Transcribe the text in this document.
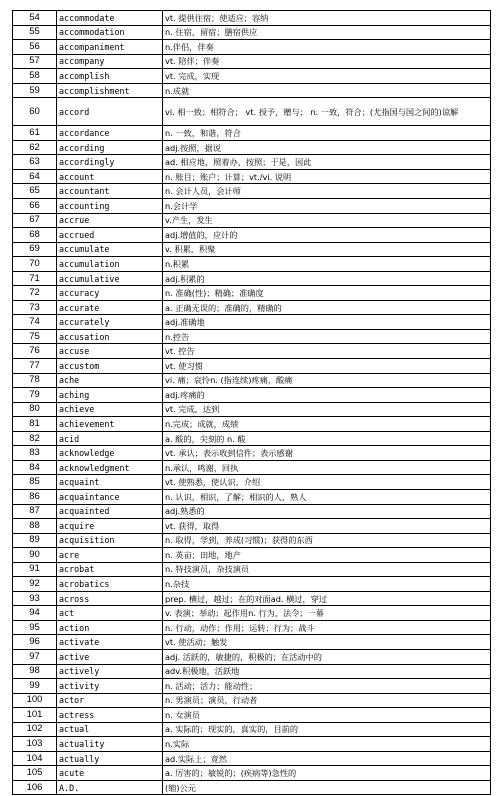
54	accommodate	vt. 提供住宿；使适应；容纳
55	accommodation	n. 住宿，留宿；膳宿供应
56	accompaniment	n.伴侣，伴奏
57	accompany	vt. 陪伴；伴奏
58	accomplish	vt. 完成，实现
59	accomplishment	n.成就
60	accord	vi. 相一致；相符合； vt. 授予，赠与； n. 一致，符合；(尤指国与国之间的)谅解
61	accordance	n. 一致，和谐，符合
62	according	adj.按照，据说
63	accordingly	ad. 相应地，照着办，按照；于是，因此
64	account	n. 账目；账户；计算；vt./vi. 说明
65	accountant	n. 会计人员，会计师
66	accounting	n.会计学
67	accrue	v.产生，发生
68	accrued	adj.增值的，应计的
69	accumulate	v. 积累，积聚
70	accumulation	n.积累
71	accumulative	adj.积累的
72	accuracy	n. 准确(性)；精确；准确度
73	accurate	a. 正确无误的；准确的，精确的
74	accurately	adj.准确地
75	accusation	n.控告
76	accuse	vt. 控告
77	accustom	vt. 使习惯
78	ache	vi. 痛；哀怜n. (指连续)疼痛，酸痛
79	aching	adj.疼痛的
80	achieve	vt. 完成，达到
81	achievement	n.完成；成就，成绩
82	acid	a. 酸的，尖刻的 n. 酸
83	acknowledge	vt. 承认；表示收到信件；表示感谢
84	acknowledgment	n.承认，鸣谢，回执
85	acquaint	vt. 使熟悉，使认识，介绍
86	acquaintance	n. 认识，相识，了解；相识的人，熟人
87	acquainted	adj.熟悉的
88	acquire	vt. 获得，取得
89	acquisition	n. 取得，学到，养成(习惯)；获得的东西
90	acre	n. 英亩；田地，地产
91	acrobat	n. 特技演员，杂技演员
92	acrobatics	n.杂技
93	across	prep. 横过，越过；在的对面ad. 横过，穿过
94	act	v. 表演；举动；起作用n. 行为，法令；一幕
95	action	n. 行动，动作；作用；运转；行为；战斗
96	activate	vt. 使活动；触发
97	active	adj. 活跃的，敏捷的，积极的；在活动中的
98	actively	adv.积极地，活跃地
99	activity	n. 活动；活力；能动性；
100	actor	n. 男演员；演员，行动者
101	actress	n. 女演员
102	actual	a. 实际的；现实的，真实的，目前的
103	actuality	n.实际
104	actually	ad.实际上；竟然
105	acute	a. 厉害的；敏锐的；(疾病等)急性的
106	A.D.	(缩)公元
